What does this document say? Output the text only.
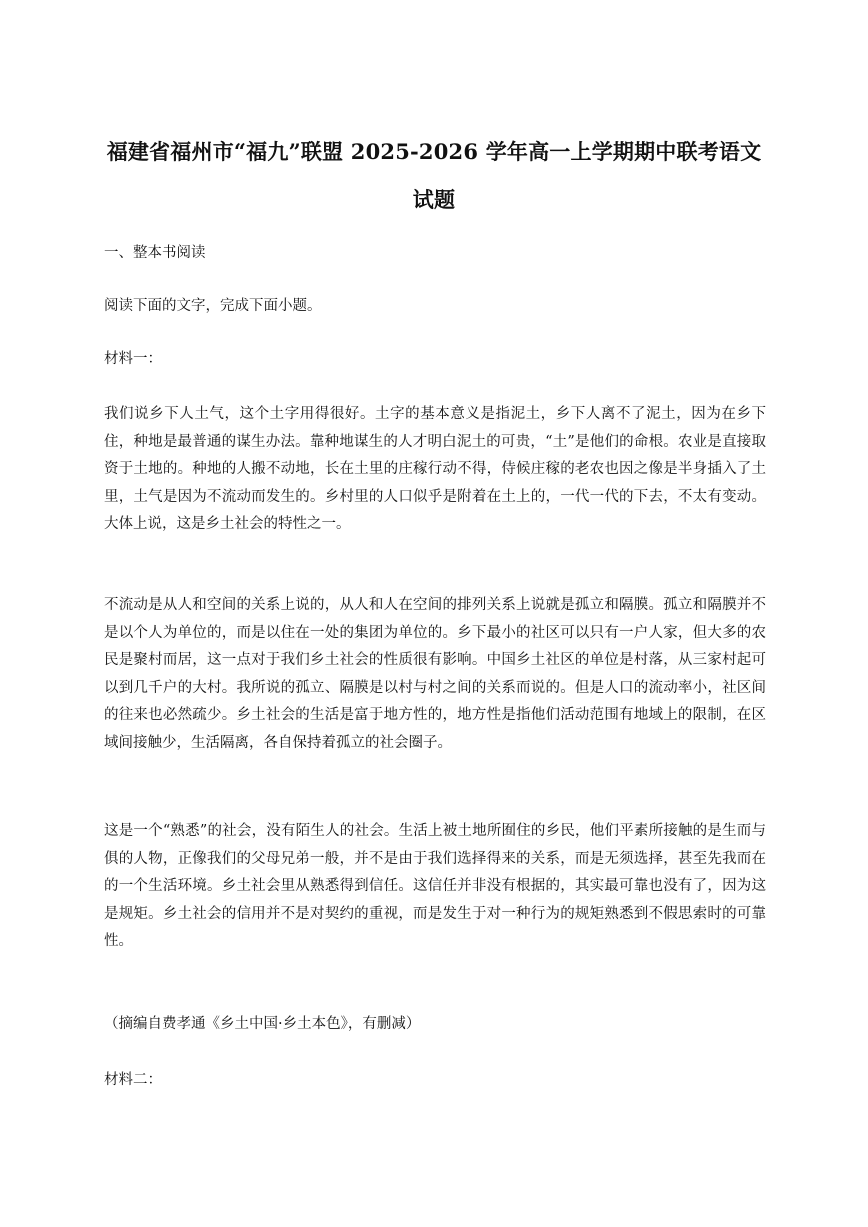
福建省福州市“福九”联盟 2025-2026 学年高一上学期期中联考语文
试题
一、整本书阅读
阅读下面的文字，完成下面小题。
材料一：
我们说乡下人土气，这个土字用得很好。土字的基本意义是指泥土，乡下人离不了泥土，因为在乡下住，种地是最普通的谋生办法。靠种地谋生的人才明白泥土的可贵，“土”是他们的命根。农业是直接取资于土地的。种地的人搬不动地，长在土里的庄稼行动不得，侍候庄稼的老农也因之像是半身插入了土里，土气是因为不流动而发生的。乡村里的人口似乎是附着在土上的，一代一代的下去，不太有变动。大体上说，这是乡土社会的特性之一。
不流动是从人和空间的关系上说的，从人和人在空间的排列关系上说就是孤立和隔膜。孤立和隔膜并不是以个人为单位的，而是以住在一处的集团为单位的。乡下最小的社区可以只有一户人家，但大多的农民是聚村而居，这一点对于我们乡土社会的性质很有影响。中国乡土社区的单位是村落，从三家村起可以到几千户的大村。我所说的孤立、隔膜是以村与村之间的关系而说的。但是人口的流动率小，社区间的往来也必然疏少。乡土社会的生活是富于地方性的，地方性是指他们活动范围有地域上的限制，在区域间接触少，生活隔离，各自保持着孤立的社会圈子。
这是一个“熟悉”的社会，没有陌生人的社会。生活上被土地所囿住的乡民，他们平素所接触的是生而与俱的人物，正像我们的父母兄弟一般，并不是由于我们选择得来的关系，而是无须选择，甚至先我而在的一个生活环境。乡土社会里从熟悉得到信任。这信任并非没有根据的，其实最可靠也没有了，因为这是规矩。乡土社会的信用并不是对契约的重视，而是发生于对一种行为的规矩熟悉到不假思索时的可靠性。
（摘编自费孝通《乡土中国·乡土本色》，有删减）
材料二：
